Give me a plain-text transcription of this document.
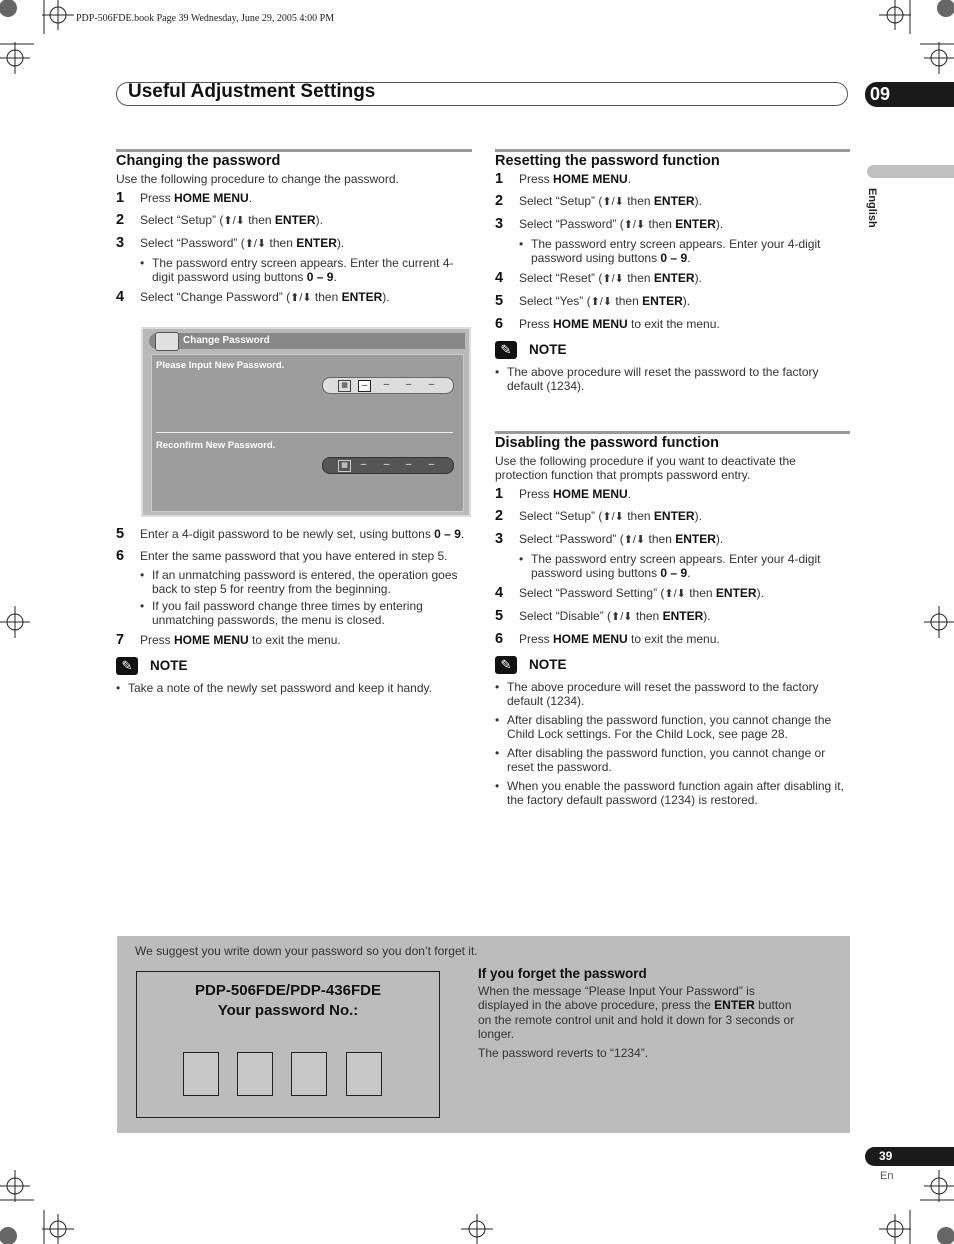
PDP-506FDE.book Page 39 Wednesday, June 29, 2005 4:00 PM
Useful Adjustment Settings	09
English
Changing the password

Use the following procedure to change the password.

1	Press HOME MENU.
2	Select “Setup” (⬆/⬇ then ENTER).
3	Select “Password” (⬆/⬇ then ENTER).
• The password entry screen appears. Enter the current 4-digit password using buttons 0 – 9.
4	Select “Change Password” (⬆/⬇ then ENTER).
Change Password
Please Input New Password.
▦	–	– – –
Reconfirm New Password.
▦	– – – –
5	Enter a 4-digit password to be newly set, using buttons 0 – 9.
6	Enter the same password that you have entered in step 5.
• If an unmatching password is entered, the operation goes back to step 5 for reentry from the beginning.
• If you fail password change three times by entering unmatching passwords, the menu is closed.
7	Press HOME MENU to exit the menu.
✎	NOTE
• Take a note of the newly set password and keep it handy.
Resetting the password function
1	Press HOME MENU.
2	Select “Setup” (⬆/⬇ then ENTER).
3	Select “Password” (⬆/⬇ then ENTER).
• The password entry screen appears. Enter your 4-digit password using buttons 0 – 9.
4	Select “Reset” (⬆/⬇ then ENTER).
5	Select “Yes” (⬆/⬇ then ENTER).
6	Press HOME MENU to exit the menu.
✎	NOTE
• The above procedure will reset the password to the factory default (1234).
Disabling the password function

Use the following procedure if you want to deactivate the protection function that prompts password entry.

1	Press HOME MENU.
2	Select “Setup” (⬆/⬇ then ENTER).
3	Select “Password” (⬆/⬇ then ENTER).
• The password entry screen appears. Enter your 4-digit password using buttons 0 – 9.
4	Select “Password Setting” (⬆/⬇ then ENTER).
5	Select “Disable” (⬆/⬇ then ENTER).
6	Press HOME MENU to exit the menu.
✎	NOTE
• The above procedure will reset the password to the factory default (1234).
• After disabling the password function, you cannot change the Child Lock settings. For the Child Lock, see page 28.
• After disabling the password function, you cannot change or reset the password.
• When you enable the password function again after disabling it, the factory default password (1234) is restored.
We suggest you write down your password so you don’t forget it.
PDP-506FDE/PDP-436FDE
Your password No.:
If you forget the password

When the message “Please Input Your Password” is displayed in the above procedure, press the ENTER button on the remote control unit and hold it down for 3 seconds or longer.

The password reverts to “1234”.

39
En
